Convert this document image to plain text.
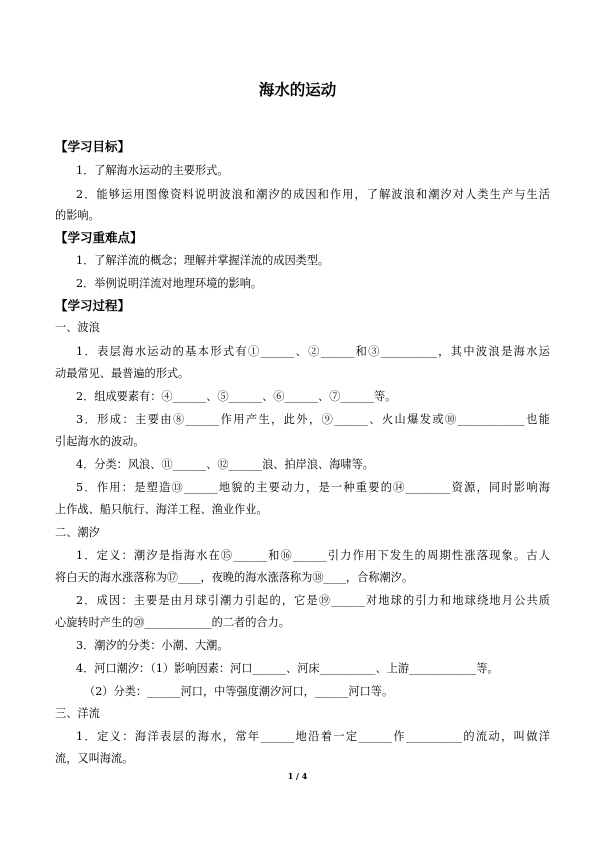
海水的运动
【学习目标】
1．了解海水运动的主要形式。
2．能够运用图像资料说明波浪和潮汐的成因和作用，了解波浪和潮汐对人类生产与生活
的影响。
【学习重难点】
1．了解洋流的概念；理解并掌握洋流的成因类型。
2．举例说明洋流对地理环境的影响。
【学习过程】
一、波浪
1．表层海水运动的基本形式有①______、②______和③__________，其中波浪是海水运
动最常见、最普遍的形式。
2．组成要素有：④______、⑤______、⑥______、⑦______等。
3．形成：主要由⑧______作用产生，此外，⑨______、火山爆发或⑩____________也能
引起海水的波动。
4．分类：风浪、⑪______、⑫______浪、拍岸浪、海啸等。
5．作用：是塑造⑬______地貌的主要动力，是一种重要的⑭________资源，同时影响海
上作战、船只航行、海洋工程、渔业作业。
二、潮汐
1．定义：潮汐是指海水在⑮______和⑯______引力作用下发生的周期性涨落现象。古人
将白天的海水涨落称为⑰____，夜晚的海水涨落称为⑱____，合称潮汐。
2．成因：主要是由月球引潮力引起的，它是⑲______对地球的引力和地球绕地月公共质
心旋转时产生的⑳____________的二者的合力。
3．潮汐的分类：小潮、大潮。
4．河口潮汐：（1）影响因素：河口______、河床__________、上游____________等。
（2）分类：______河口，中等强度潮汐河口，______河口等。
三、洋流
1．定义：海洋表层的海水，常年______地沿着一定______作__________的流动，叫做洋
流，又叫海流。
1 / 4
